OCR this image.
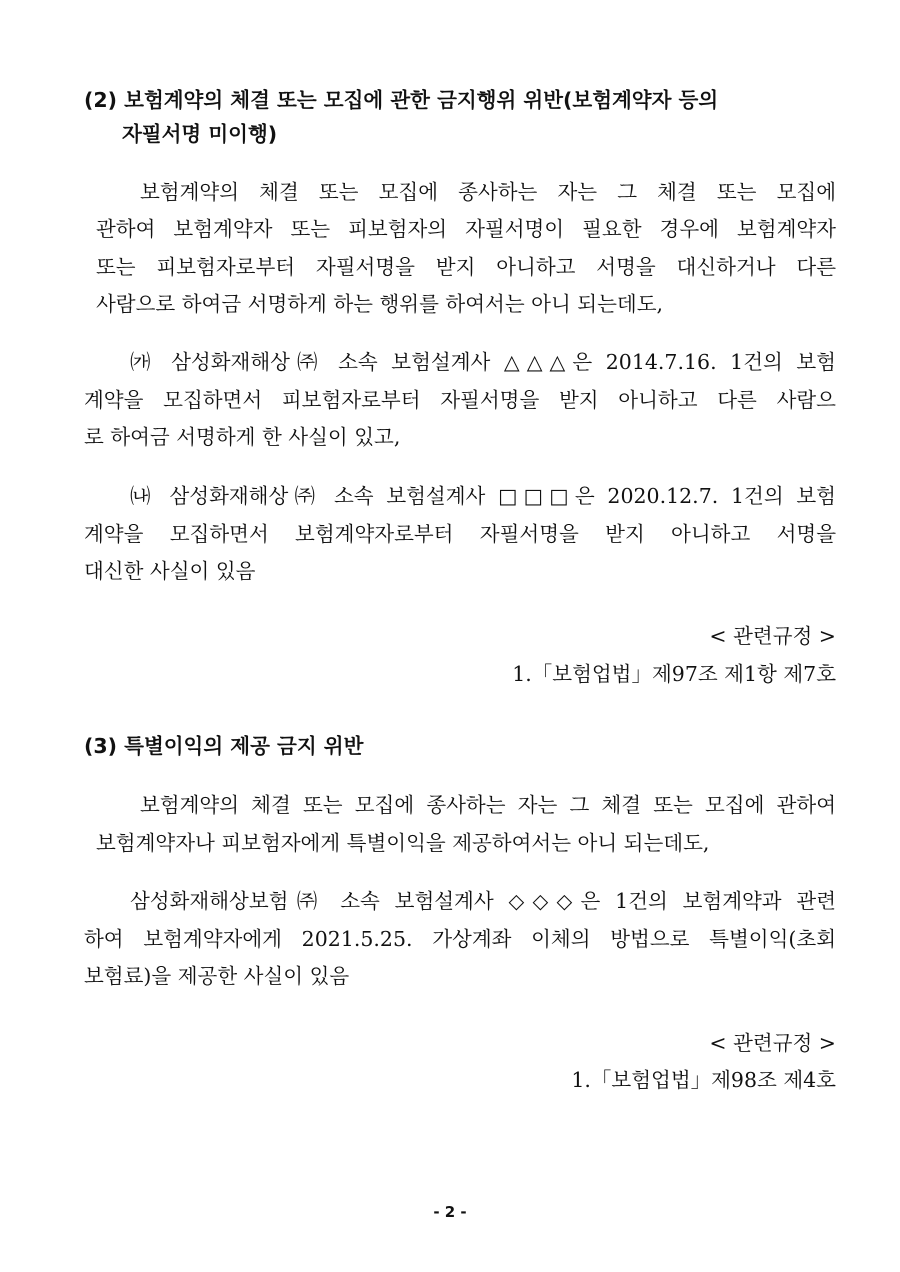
(2) 보험계약의 체결 또는 모집에 관한 금지행위 위반(보험계약자 등의
자필서명 미이행)
보험계약의 체결 또는 모집에 종사하는 자는 그 체결 또는 모집에
관하여 보험계약자 또는 피보험자의 자필서명이 필요한 경우에 보험계약자
또는 피보험자로부터 자필서명을 받지 아니하고 서명을 대신하거나 다른
사람으로 하여금 서명하게 하는 행위를 하여서는 아니 되는데도,
㈎ 삼성화재해상㈜ 소속 보험설계사 △△△은 2014.7.16. 1건의 보험
계약을 모집하면서 피보험자로부터 자필서명을 받지 아니하고 다른 사람으
로 하여금 서명하게 한 사실이 있고,
㈏ 삼성화재해상㈜ 소속 보험설계사 □□□은 2020.12.7. 1건의 보험
계약을 모집하면서 보험계약자로부터 자필서명을 받지 아니하고 서명을
대신한 사실이 있음
< 관련규정 >
1.「보험업법」제97조 제1항 제7호
(3) 특별이익의 제공 금지 위반
보험계약의 체결 또는 모집에 종사하는 자는 그 체결 또는 모집에 관하여
보험계약자나 피보험자에게 특별이익을 제공하여서는 아니 되는데도,
삼성화재해상보험㈜ 소속 보험설계사 ◇◇◇은 1건의 보험계약과 관련
하여 보험계약자에게 2021.5.25. 가상계좌 이체의 방법으로 특별이익(초회
보험료)을 제공한 사실이 있음
< 관련규정 >
1.「보험업법」제98조 제4호
- 2 -
